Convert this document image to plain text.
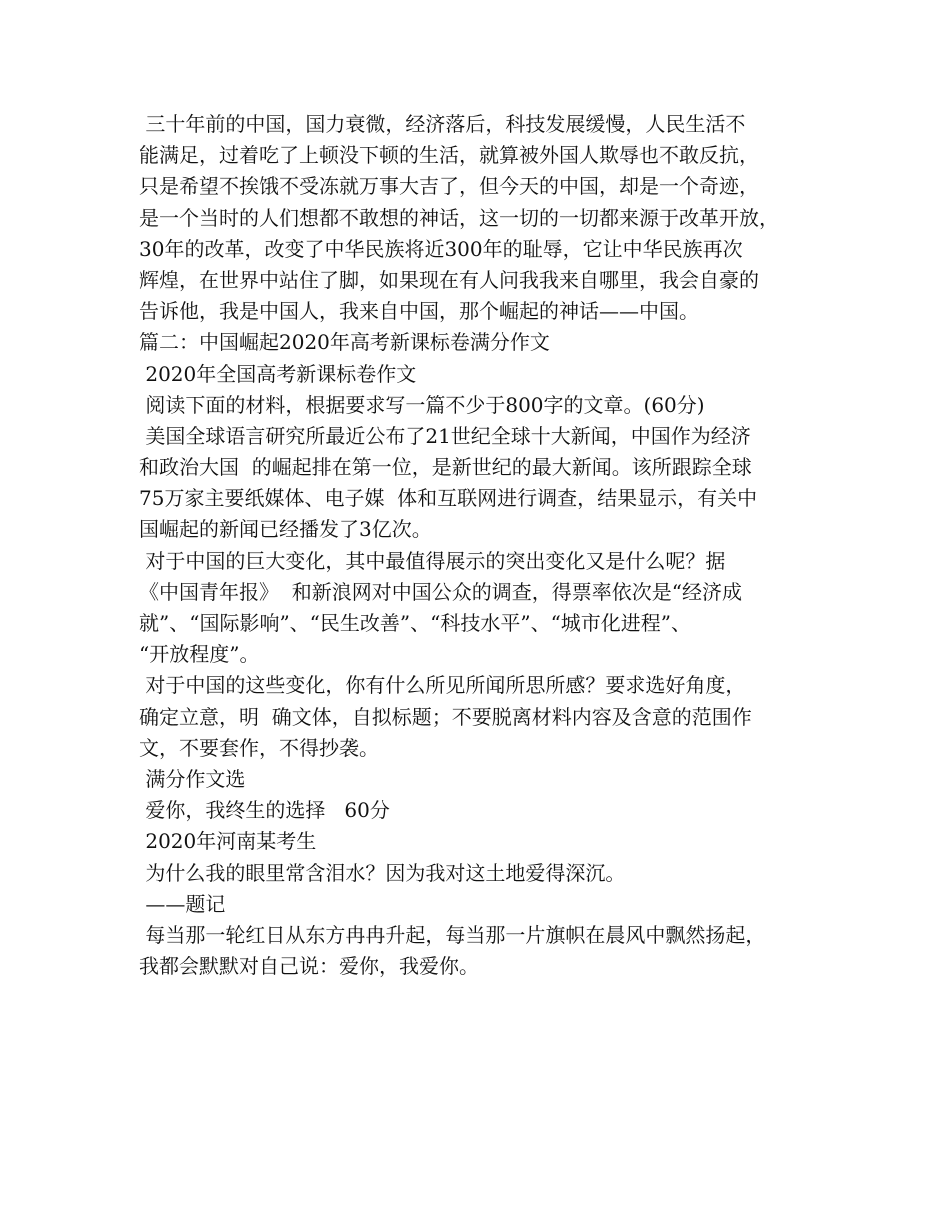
三十年前的中国，国力衰微，经济落后，科技发展缓慢，人民生活不
能满足，过着吃了上顿没下顿的生活，就算被外国人欺辱也不敢反抗，
只是希望不挨饿不受冻就万事大吉了，但今天的中国，却是一个奇迹，
是一个当时的人们想都不敢想的神话，这一切的一切都来源于改革开放，
30年的改革，改变了中华民族将近300年的耻辱，它让中华民族再次
辉煌，在世界中站住了脚，如果现在有人问我我来自哪里，我会自豪的
告诉他，我是中国人，我来自中国，那个崛起的神话——中国。
篇二：中国崛起2020年高考新课标卷满分作文
2020年全国高考新课标卷作文
阅读下面的材料，根据要求写一篇不少于800字的文章。(60分)
美国全球语言研究所最近公布了21世纪全球十大新闻，中国作为经济
和政治大国  的崛起排在第一位，是新世纪的最大新闻。该所跟踪全球
75万家主要纸媒体、电子媒  体和互联网进行调查，结果显示，有关中
国崛起的新闻已经播发了3亿次。
对于中国的巨大变化，其中最值得展示的突出变化又是什么呢？据
《中国青年报》  和新浪网对中国公众的调查，得票率依次是“经济成
就”、“国际影响”、“民生改善”、“科技水平”、“城市化进程”、
“开放程度”。
对于中国的这些变化，你有什么所见所闻所思所感？要求选好角度，
确定立意，明  确文体，自拟标题；不要脱离材料内容及含意的范围作
文，不要套作，不得抄袭。
满分作文选
爱你，我终生的选择   60分
2020年河南某考生
为什么我的眼里常含泪水？因为我对这土地爱得深沉。
——题记
每当那一轮红日从东方冉冉升起，每当那一片旗帜在晨风中飘然扬起，
我都会默默对自己说：爱你，我爱你。
